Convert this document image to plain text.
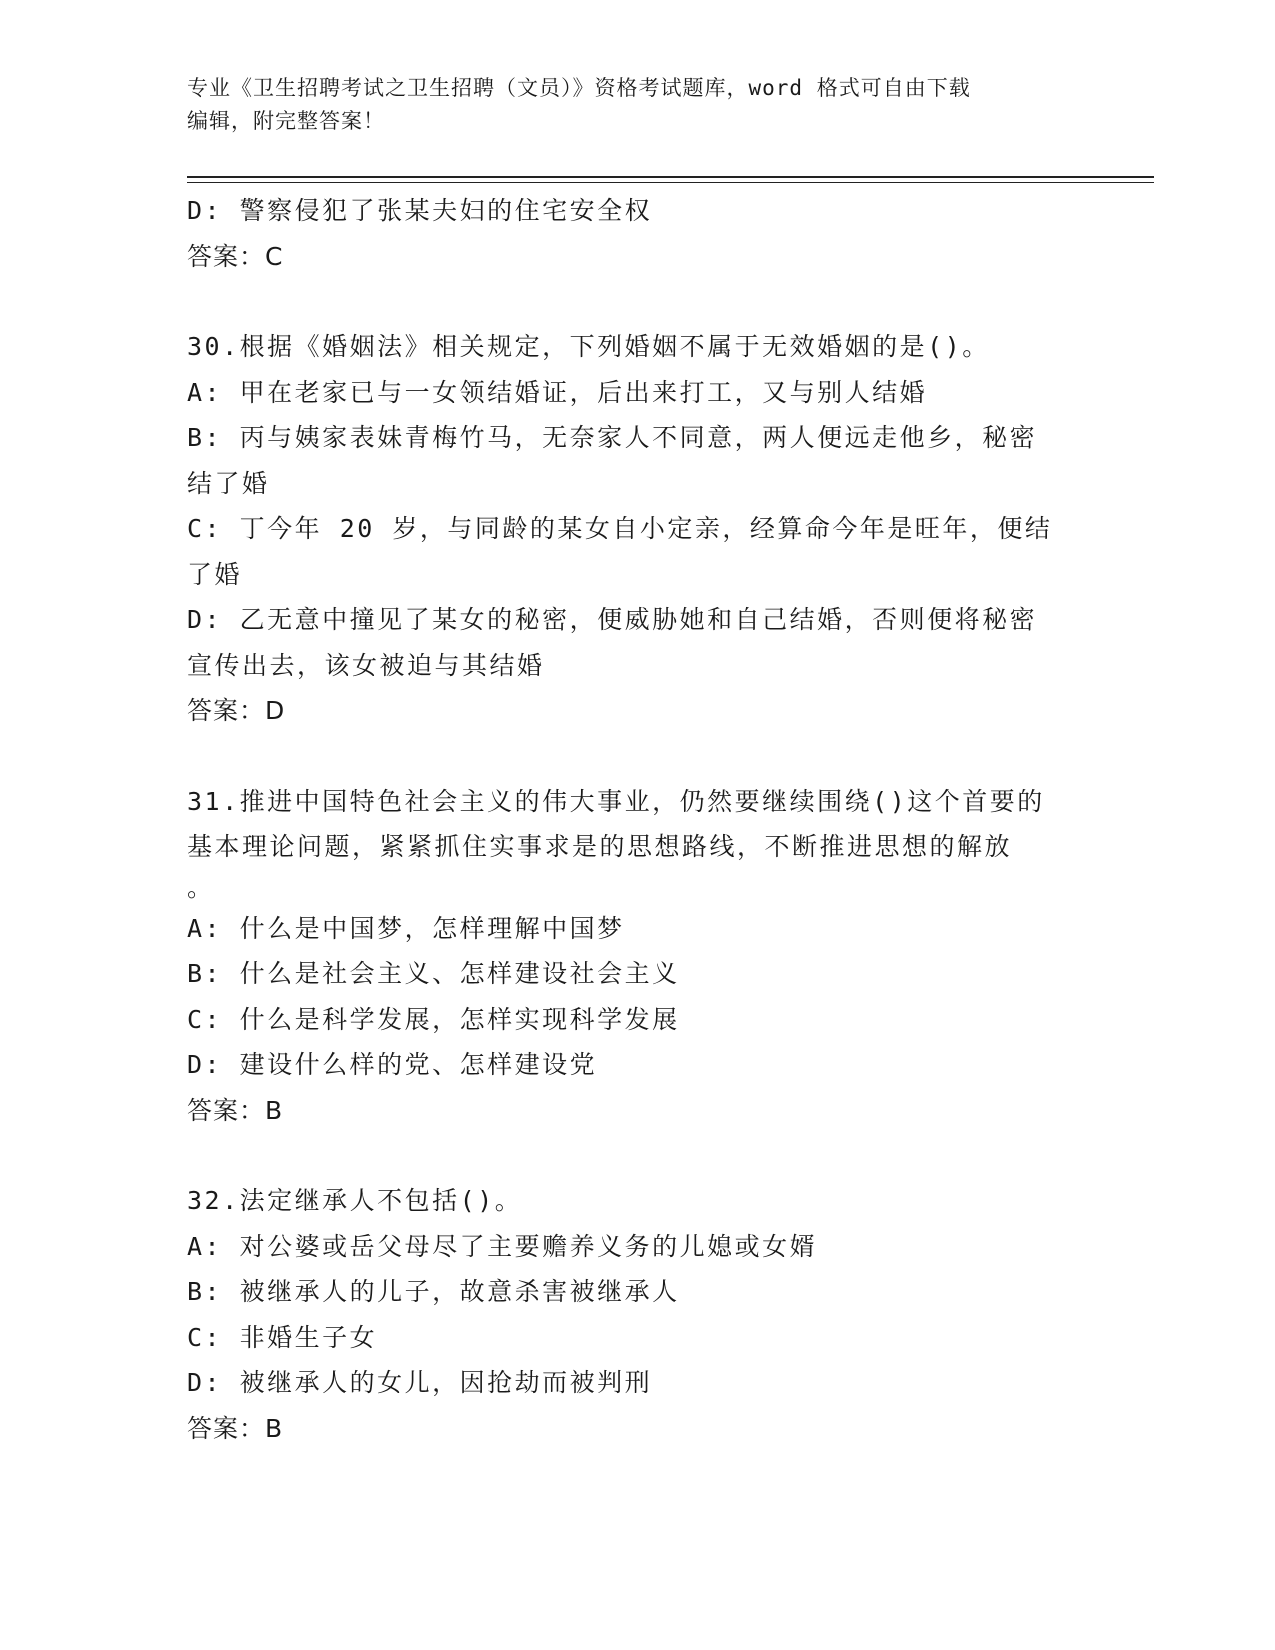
专业《卫生招聘考试之卫生招聘（文员）》资格考试题库，word 格式可自由下载
编辑，附完整答案！
D: 警察侵犯了张某夫妇的住宅安全权
答案：C
30.根据《婚姻法》相关规定，下列婚姻不属于无效婚姻的是()。
A: 甲在老家已与一女领结婚证，后出来打工，又与别人结婚
B: 丙与姨家表妹青梅竹马，无奈家人不同意，两人便远走他乡，秘密
结了婚
C: 丁今年 20 岁，与同龄的某女自小定亲，经算命今年是旺年，便结
了婚
D: 乙无意中撞见了某女的秘密，便威胁她和自己结婚，否则便将秘密
宣传出去，该女被迫与其结婚
答案：D
31.推进中国特色社会主义的伟大事业，仍然要继续围绕()这个首要的
基本理论问题，紧紧抓住实事求是的思想路线，不断推进思想的解放
。
A: 什么是中国梦，怎样理解中国梦
B: 什么是社会主义、怎样建设社会主义
C: 什么是科学发展，怎样实现科学发展
D: 建设什么样的党、怎样建设党
答案：B
32.法定继承人不包括()。
A: 对公婆或岳父母尽了主要赡养义务的儿媳或女婿
B: 被继承人的儿子，故意杀害被继承人
C: 非婚生子女
D: 被继承人的女儿，因抢劫而被判刑
答案：B
